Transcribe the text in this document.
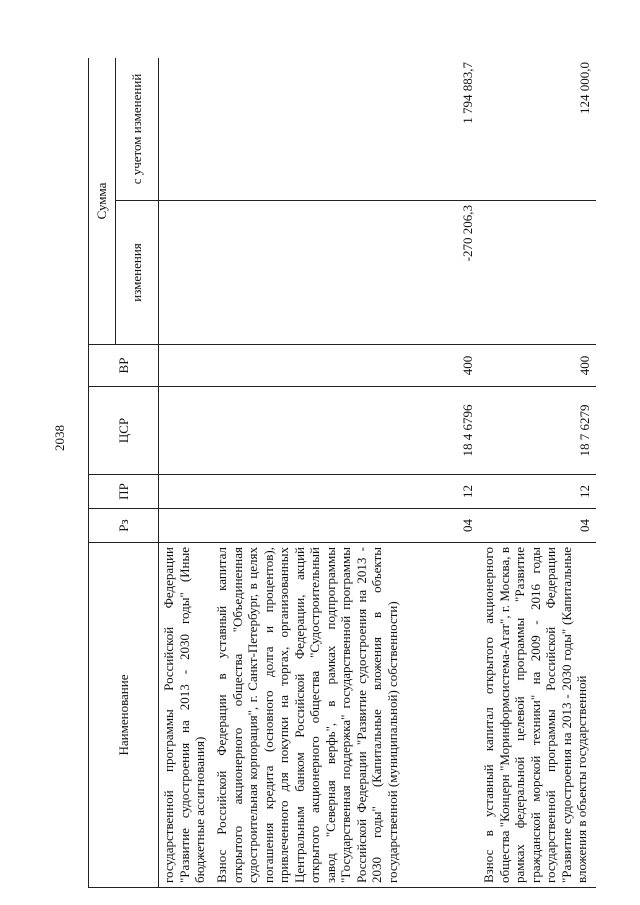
2038
Наименование	Рз	ПР	ЦСР	ВР	Сумма	
					изменения	с учетом изменений
государственной программы Российской Федерации "Развитие судостроения на 2013 - 2030 годы" (Иные бюджетные ассигнования)						
Взнос Российской Федерации в уставный капитал открытого акционерного общества "Объединенная судостроительная корпорация", г. Санкт-Петербург, в целях погашения кредита (основного долга и процентов), привлеченного для покупки на торгах, организованных Центральным банком Российской Федерации, акций открытого акционерного общества "Судостроительный завод "Северная верфь", в рамках подпрограммы "Государственная поддержка" государственной программы Российской Федерации "Развитие судостроения на 2013 - 2030 годы" (Капитальные вложения в объекты государственной (муниципальной) собственности)	04	12	18 4 6796	400	-270 206,3	1 794 883,7
Взнос в уставный капитал открытого акционерного общества "Концерн "Моринформсистема-Агат", г. Москва, в рамках федеральной целевой программы "Развитие гражданской морской техники" на 2009 - 2016 годы государственной программы Российской Федерации "Развитие судостроения на 2013 - 2030 годы" (Капитальные вложения в объекты государственной	04	12	18 7 6279	400		124 000,0
